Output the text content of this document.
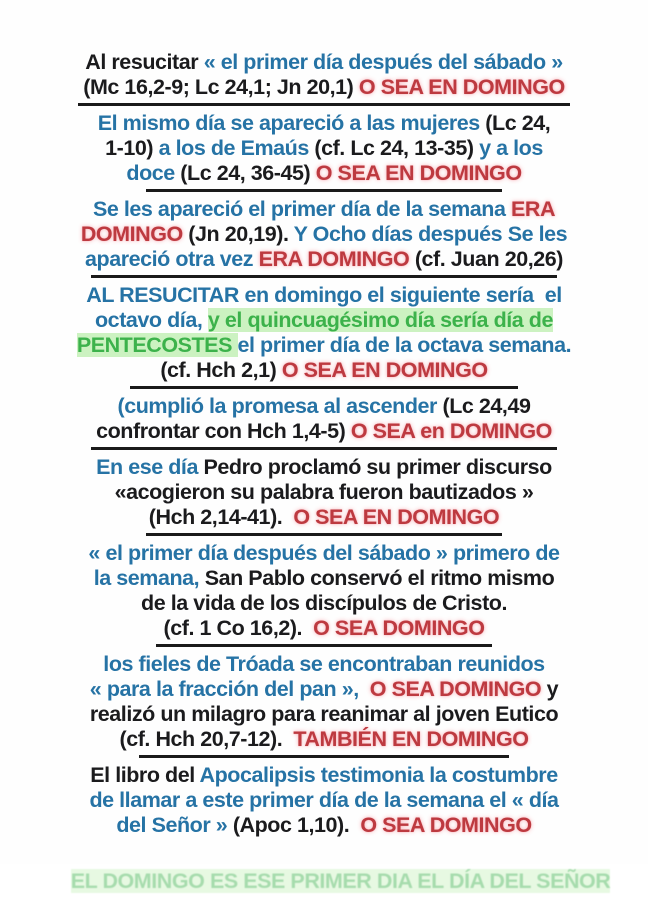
Al resucitar « el primer día después del sábado »
(Mc 16,2-9; Lc 24,1; Jn 20,1) O SEA EN DOMINGO
El mismo día se apareció a las mujeres (Lc 24,
1-10) a los de Emaús (cf. Lc 24, 13-35) y a los
doce (Lc 24, 36-45) O SEA EN DOMINGO
Se les apareció el primer día de la semana ERA
DOMINGO (Jn 20,19). Y Ocho días después Se les
apareció otra vez ERA DOMINGO (cf. Juan 20,26)
AL RESUCITAR en domingo el siguiente sería  el
octavo día, y el quincuagésimo día sería día de
PENTECOSTES el primer día de la octava semana.
(cf. Hch 2,1) O SEA EN DOMINGO
(cumplió la promesa al ascender (Lc 24,49
confrontar con Hch 1,4-5) O SEA en DOMINGO
En ese día Pedro proclamó su primer discurso
«acogieron su palabra fueron bautizados »
(Hch 2,14-41).  O SEA EN DOMINGO
« el primer día después del sábado » primero de
la semana, San Pablo conservó el ritmo mismo
de la vida de los discípulos de Cristo.
(cf. 1 Co 16,2).  O SEA DOMINGO
los fieles de Tróada se encontraban reunidos
« para la fracción del pan »,  O SEA DOMINGO y
realizó un milagro para reanimar al joven Eutico
(cf. Hch 20,7-12).  TAMBIÉN EN DOMINGO
El libro del Apocalipsis testimonia la costumbre
de llamar a este primer día de la semana el « día
del Señor » (Apoc 1,10).  O SEA DOMINGO

EL DOMINGO ES ESE PRIMER DIA EL DÍA DEL SEÑOR
